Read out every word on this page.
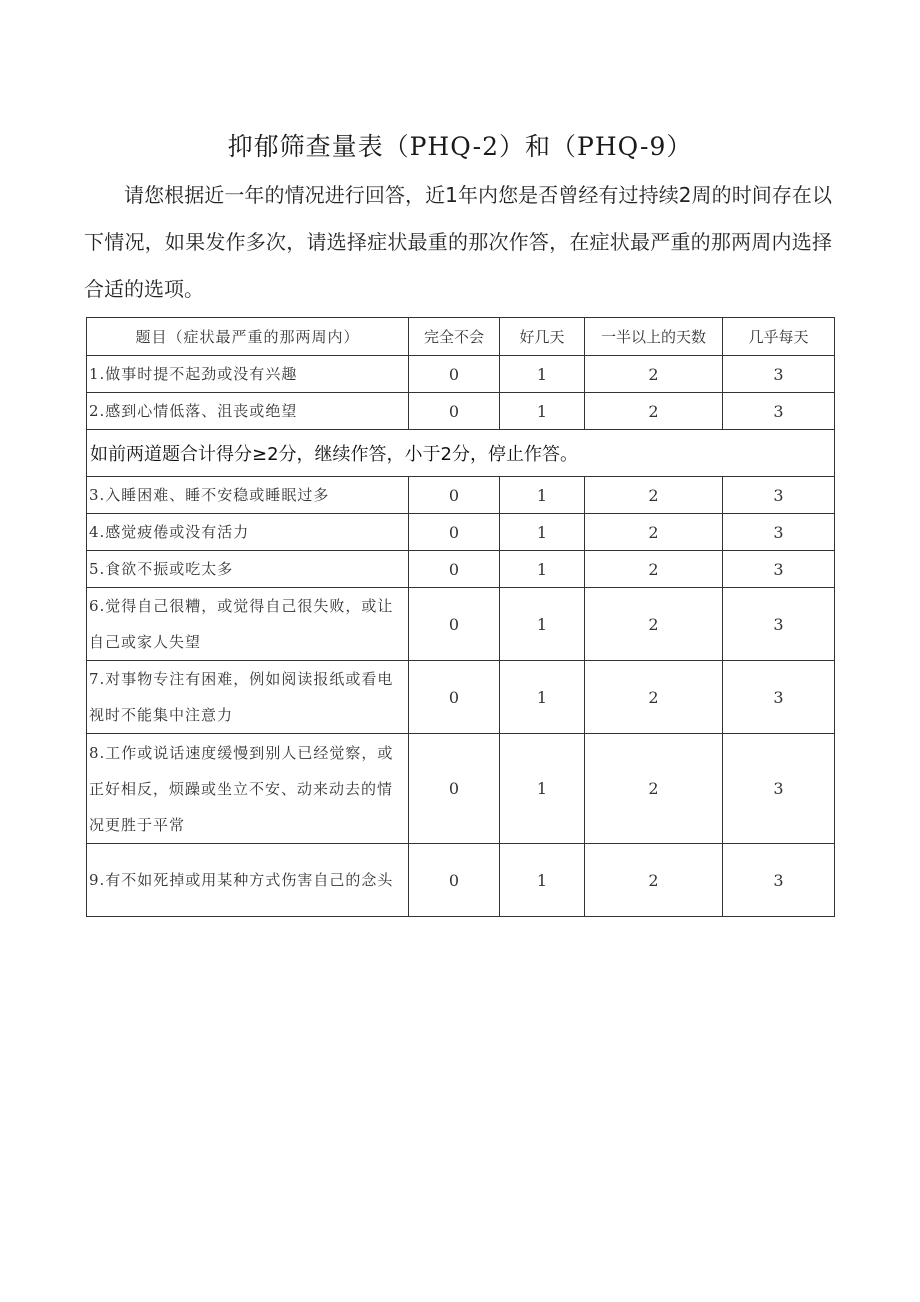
抑郁筛查量表（PHQ-2）和（PHQ-9）

请您根据近一年的情况进行回答，近1年内您是否曾经有过持续2周的时间存在以下情况，如果发作多次，请选择症状最重的那次作答，在症状最严重的那两周内选择合适的选项。

题目（症状最严重的那两周内）	完全不会	好几天	一半以上的天数	几乎每天
1.做事时提不起劲或没有兴趣	0	1	2	3
2.感到心情低落、沮丧或绝望	0	1	2	3
如前两道题合计得分≥2分，继续作答，小于2分，停止作答。				
3.入睡困难、睡不安稳或睡眠过多	0	1	2	3
4.感觉疲倦或没有活力	0	1	2	3
5.食欲不振或吃太多	0	1	2	3
6.觉得自己很糟，或觉得自己很失败，或让自己或家人失望	0	1	2	3
7.对事物专注有困难，例如阅读报纸或看电视时不能集中注意力	0	1	2	3
8.工作或说话速度缓慢到别人已经觉察，或正好相反，烦躁或坐立不安、动来动去的情况更胜于平常	0	1	2	3
9.有不如死掉或用某种方式伤害自己的念头	0	1	2	3
